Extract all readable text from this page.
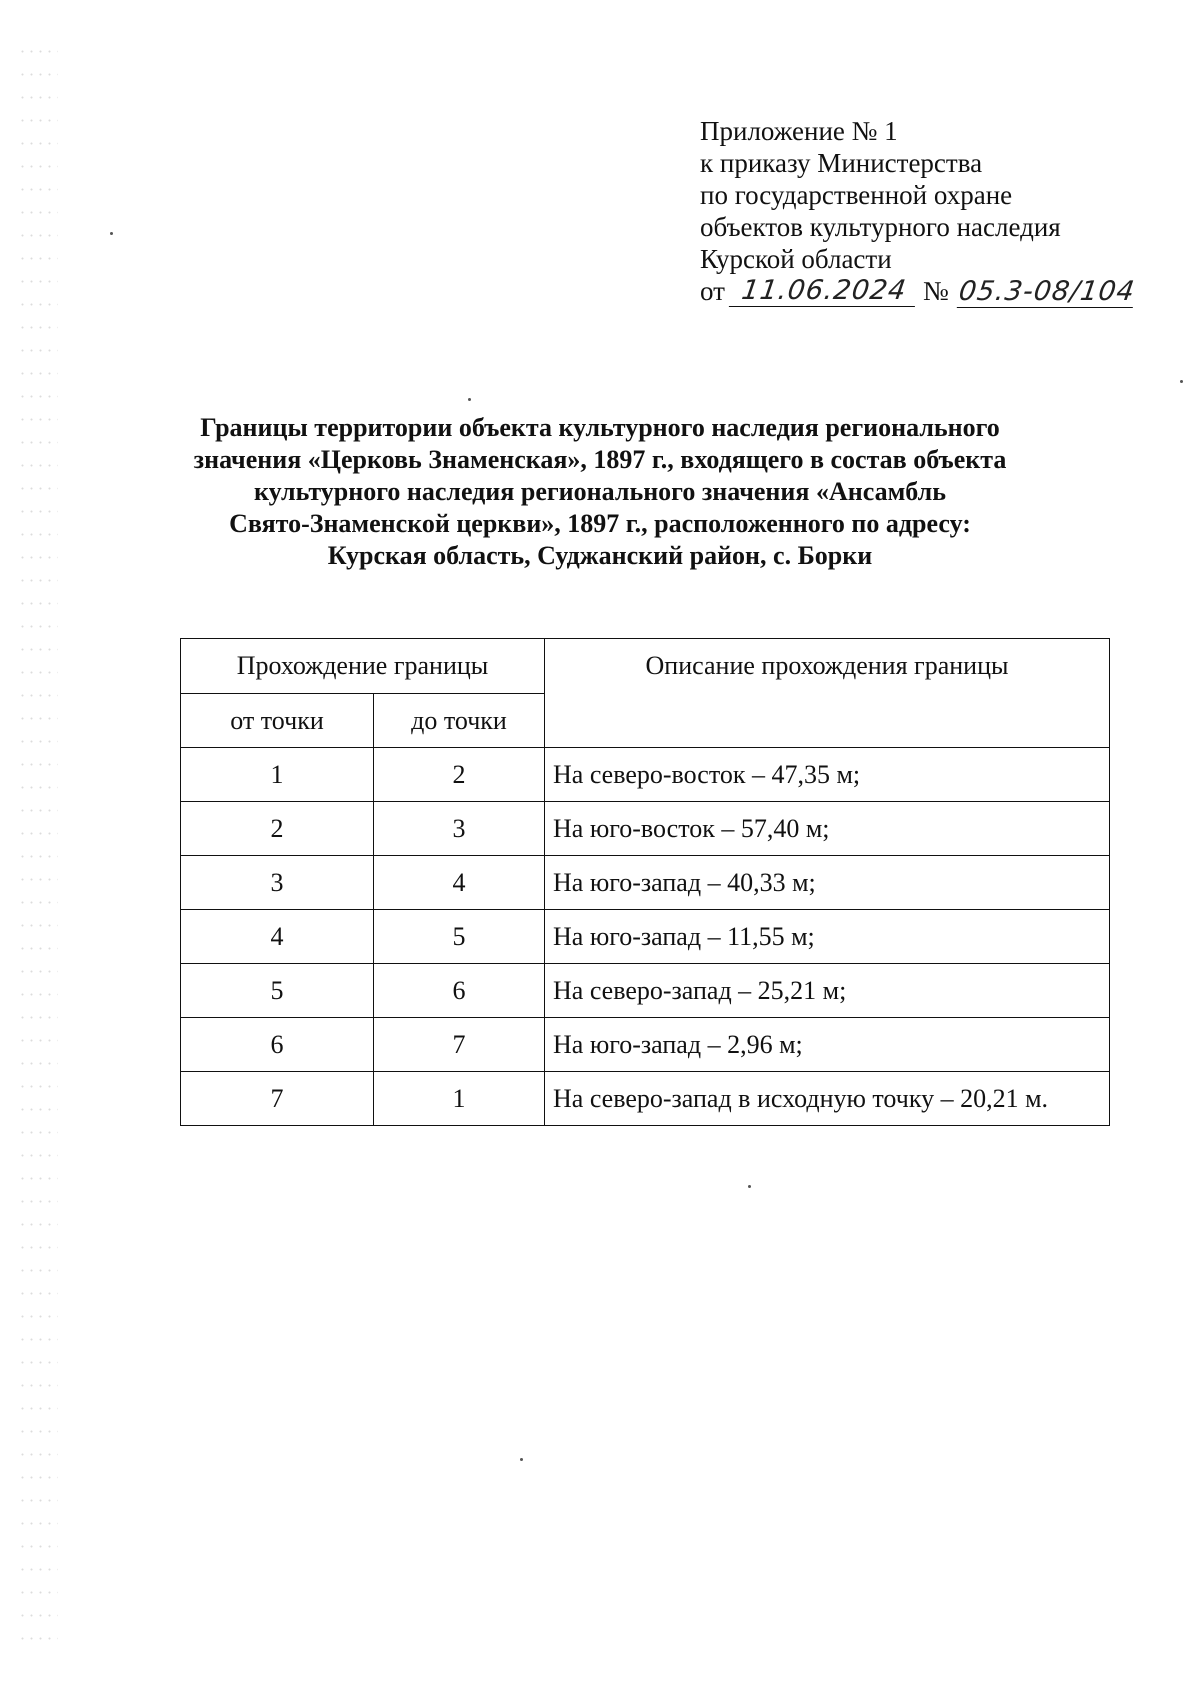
Приложение № 1
к приказу Министерства
по государственной охране
объектов культурного наследия
Курской области
от 11.06.2024 № 05.3-08/104
Границы территории объекта культурного наследия регионального
значения «Церковь Знаменская», 1897 г., входящего в состав объекта
культурного наследия регионального значения «Ансамбль
Свято-Знаменской церкви», 1897 г., расположенного по адресу:
Курская область, Суджанский район, с. Борки
Прохождение границы		Описание прохождения границы
от точки	до точки	
1	2	На северо-восток – 47,35 м;
2	3	На юго-восток – 57,40 м;
3	4	На юго-запад – 40,33 м;
4	5	На юго-запад – 11,55 м;
5	6	На северо-запад – 25,21 м;
6	7	На юго-запад – 2,96 м;
7	1	На северо-запад в исходную точку – 20,21 м.
